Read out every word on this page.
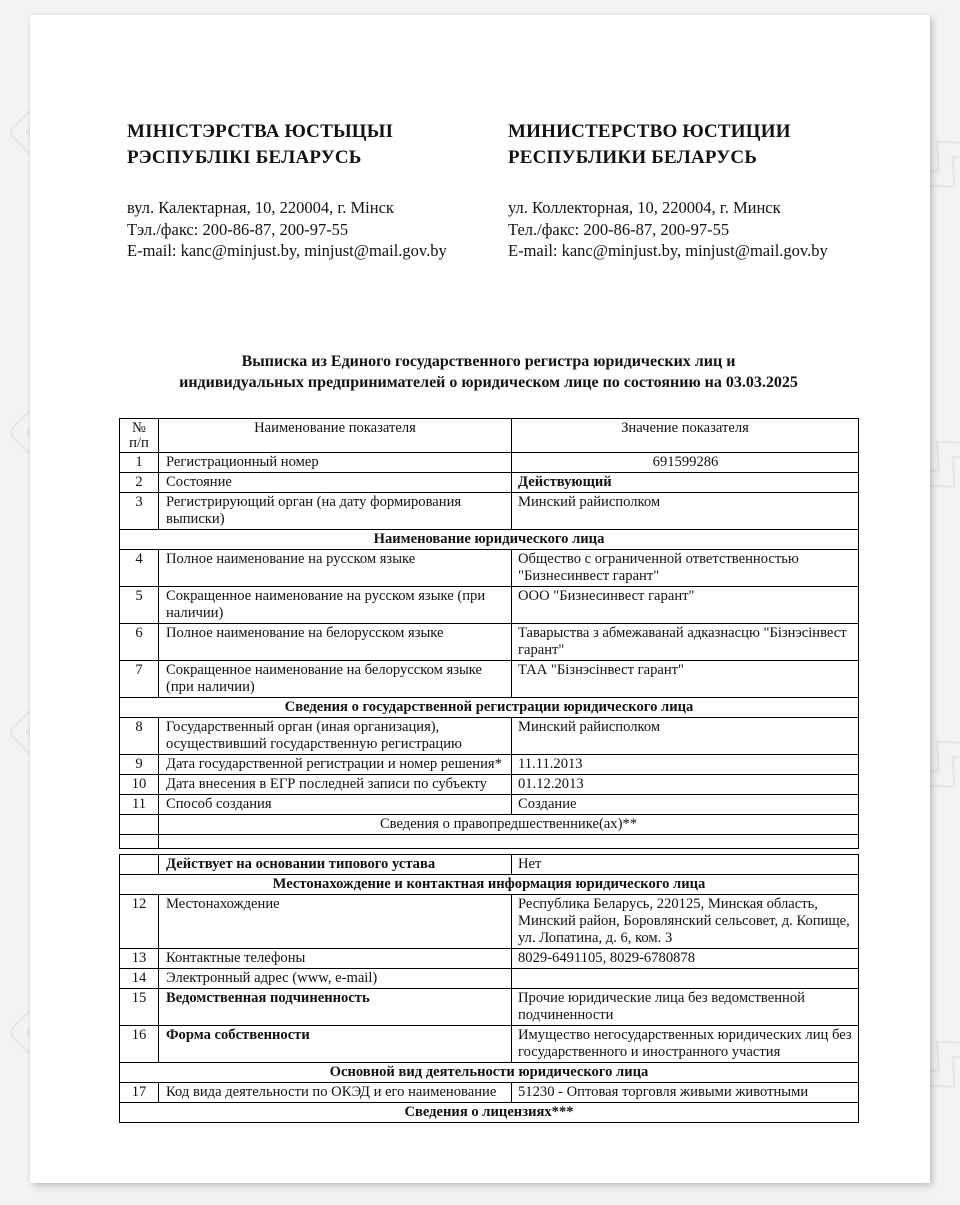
МІНІСТЭРСТВА ЮСТЫЦЫІ
РЭСПУБЛІКІ БЕЛАРУСЬ
вул. Калектарная, 10, 220004, г. Мінск
Тэл./факс: 200-86-87, 200-97-55
E-mail: kanc@minjust.by, minjust@mail.gov.by
МИНИСТЕРСТВО ЮСТИЦИИ
РЕСПУБЛИКИ БЕЛАРУСЬ
ул. Коллекторная, 10, 220004, г. Минск
Тел./факс: 200-86-87, 200-97-55
E-mail: kanc@minjust.by, minjust@mail.gov.by
Выписка из Единого государственного регистра юридических лиц и
индивидуальных предпринимателей о юридическом лице по состоянию на 03.03.2025
№
п/п	Наименование показателя	Значение показателя
1	Регистрационный номер	691599286
2	Состояние	Действующий
3	Регистрирующий орган (на дату формирования выписки)	Минский райисполком
Наименование юридического лица		
4	Полное наименование на русском языке	Общество с ограниченной ответственностью "Бизнесинвест гарант"
5	Сокращенное наименование на русском языке (при наличии)	ООО "Бизнесинвест гарант"
6	Полное наименование на белорусском языке	Таварыства з абмежаванай адказнасцю "Бізнэсінвест гарант"
7	Сокращенное наименование на белорусском языке (при наличии)	ТАА "Бізнэсінвест гарант"
Сведения о государственной регистрации юридического лица		
8	Государственный орган (иная организация), осуществивший государственную регистрацию	Минский райисполком
9	Дата государственной регистрации и номер решения*	11.11.2013
10	Дата внесения в ЕГР последней записи по субъекту	01.12.2013
11	Способ создания	Создание
	Сведения о правопредшественнике(ах)**	

	Действует на основании типового устава	Нет
Местонахождение и контактная информация юридического лица		
12	Местонахождение	Республика Беларусь, 220125, Минская область, Минский район, Боровлянский сельсовет, д. Копище, ул. Лопатина, д. 6, ком. 3
13	Контактные телефоны	8029-6491105, 8029-6780878
14	Электронный адрес (www, e-mail)	
15	Ведомственная подчиненность	Прочие юридические лица без ведомственной подчиненности
16	Форма собственности	Имущество негосударственных юридических лиц без государственного и иностранного участия
Основной вид деятельности юридического лица		
17	Код вида деятельности по ОКЭД и его наименование	51230 - Оптовая торговля живыми животными
Сведения о лицензиях***		
